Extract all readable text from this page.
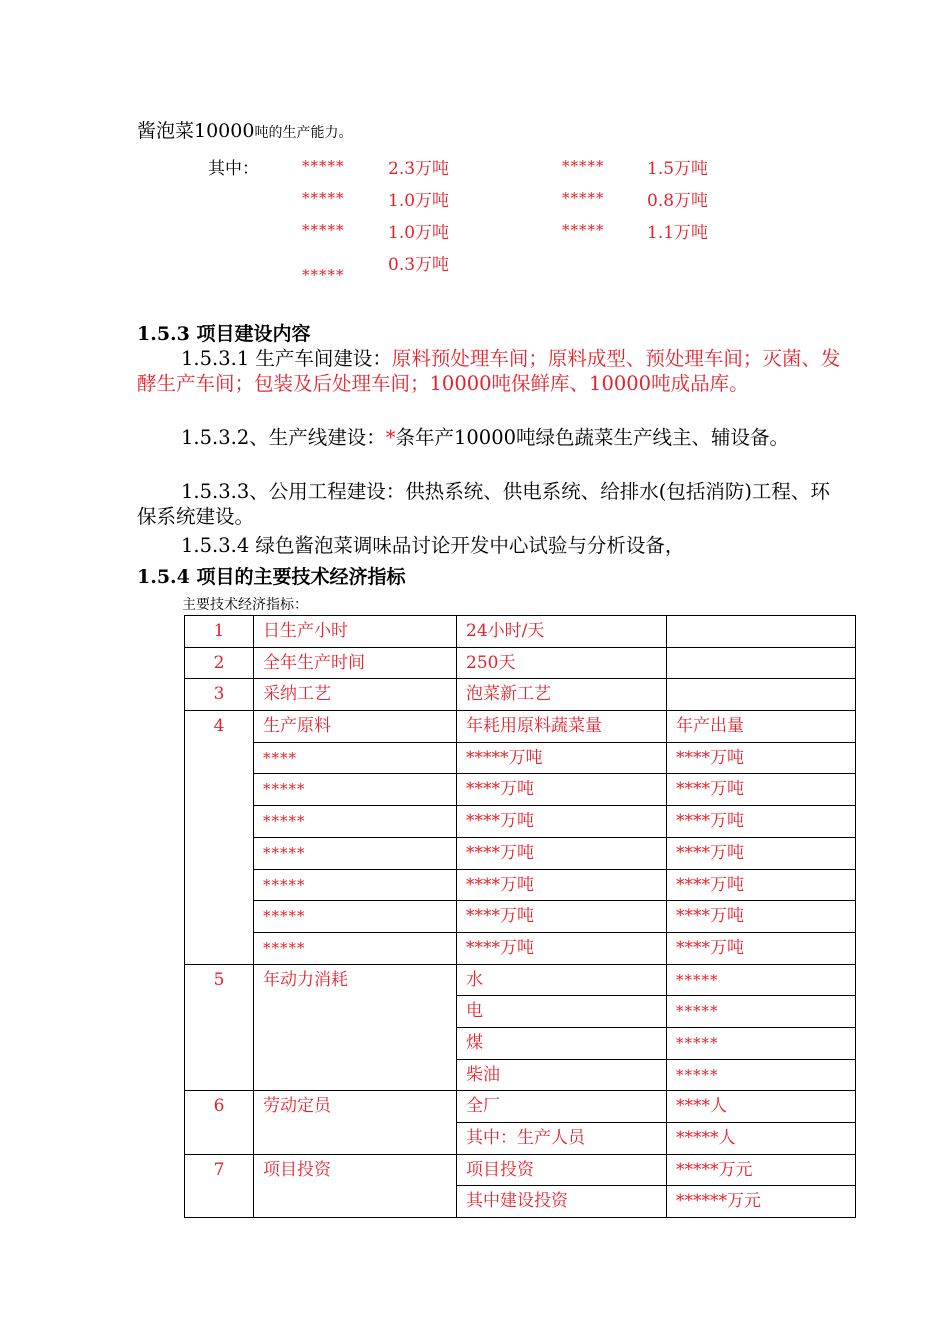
酱泡菜10000吨的生产能力。
其中：	*****	2.3万吨	*****	1.5万吨
*****	1.0万吨	*****	0.8万吨
*****	1.0万吨	*****	1.1万吨
*****	0.3万吨
1.5.3 项目建设内容
1.5.3.1 生产车间建设：原料预处理车间；原料成型、预处理车间；灭菌、发酵生产车间；包装及后处理车间；10000吨保鲜库、10000吨成品库。
1.5.3.2、生产线建设：*条年产10000吨绿色蔬菜生产线主、辅设备。
1.5.3.3、公用工程建设：供热系统、供电系统、给排水(包括消防)工程、环保系统建设。
1.5.3.4 绿色酱泡菜调味品讨论开发中心试验与分析设备，
1.5.4 项目的主要技术经济指标
主要技术经济指标：
1	日生产小时	24小时/天	
2	全年生产时间	250天	
3	采纳工艺	泡菜新工艺	
4	生产原料	年耗用原料蔬菜量	年产出量
	****	*****万吨	****万吨
	*****	****万吨	****万吨
	*****	****万吨	****万吨
	*****	****万吨	****万吨
	*****	****万吨	****万吨
	*****	****万吨	****万吨
	*****	****万吨	****万吨
5	年动力消耗	水	*****
		电	*****
		煤	*****
		柴油	*****
6	劳动定员	全厂	****人
		其中：生产人员	*****人
7	项目投资	项目投资	*****万元
		其中建设投资	******万元
